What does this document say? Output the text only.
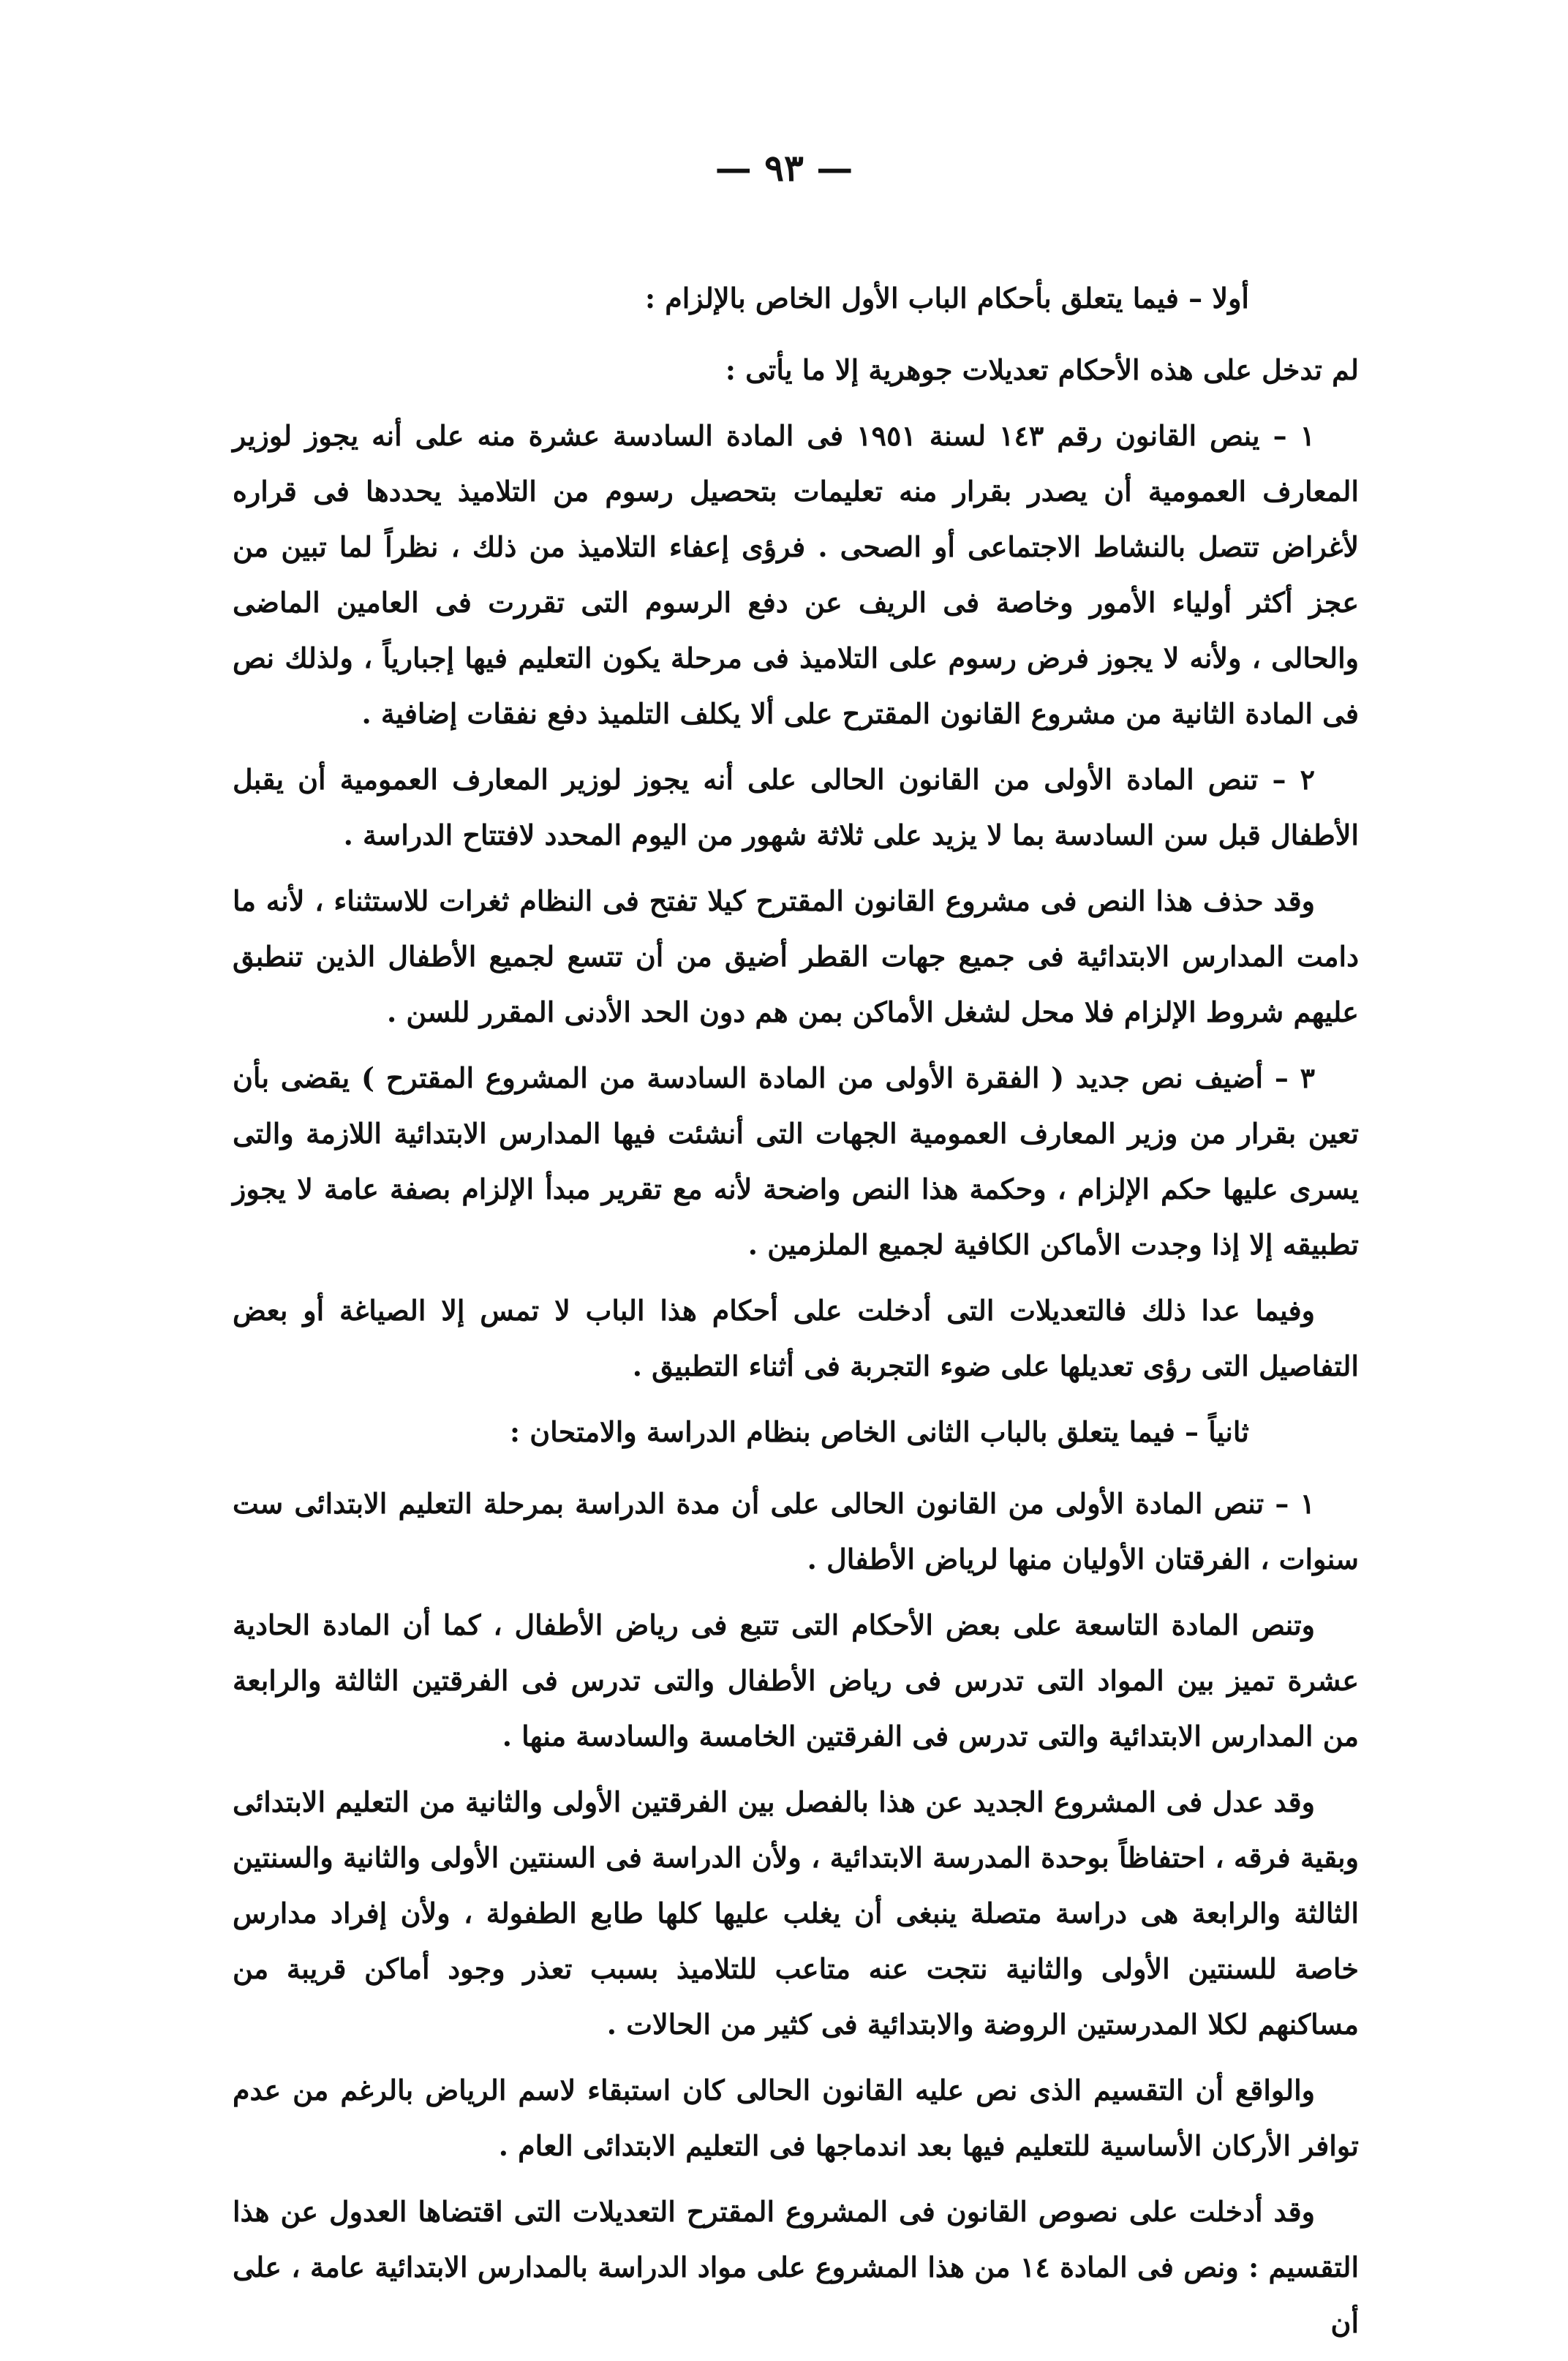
— ٩٣ —

أولا – فيما يتعلق بأحكام الباب الأول الخاص بالإلزام :

لم تدخل على هذه الأحكام تعديلات جوهرية إلا ما يأتى :

١ – ينص القانون رقم ١٤٣ لسنة ١٩٥١ فى المادة السادسة عشرة منه على أنه يجوز لوزير المعارف العمومية أن يصدر بقرار منه تعليمات بتحصيل رسوم من التلاميذ يحددها فى قراره لأغراض تتصل بالنشاط الاجتماعى أو الصحى . فرؤى إعفاء التلاميذ من ذلك ، نظراً لما تبين من عجز أكثر أولياء الأمور وخاصة فى الريف عن دفع الرسوم التى تقررت فى العامين الماضى والحالى ، ولأنه لا يجوز فرض رسوم على التلاميذ فى مرحلة يكون التعليم فيها إجبارياً ، ولذلك نص فى المادة الثانية من مشروع القانون المقترح على ألا يكلف التلميذ دفع نفقات إضافية .

٢ – تنص المادة الأولى من القانون الحالى على أنه يجوز لوزير المعارف العمومية أن يقبل الأطفال قبل سن السادسة بما لا يزيد على ثلاثة شهور من اليوم المحدد لافتتاح الدراسة .

وقد حذف هذا النص فى مشروع القانون المقترح كيلا تفتح فى النظام ثغرات للاستثناء ، لأنه ما دامت المدارس الابتدائية فى جميع جهات القطر أضيق من أن تتسع لجميع الأطفال الذين تنطبق عليهم شروط الإلزام فلا محل لشغل الأماكن بمن هم دون الحد الأدنى المقرر للسن .

٣ – أضيف نص جديد ( الفقرة الأولى من المادة السادسة من المشروع المقترح ) يقضى بأن تعين بقرار من وزير المعارف العمومية الجهات التى أنشئت فيها المدارس الابتدائية اللازمة والتى يسرى عليها حكم الإلزام ، وحكمة هذا النص واضحة لأنه مع تقرير مبدأ الإلزام بصفة عامة لا يجوز تطبيقه إلا إذا وجدت الأماكن الكافية لجميع الملزمين .

وفيما عدا ذلك فالتعديلات التى أدخلت على أحكام هذا الباب لا تمس إلا الصياغة أو بعض التفاصيل التى رؤى تعديلها على ضوء التجربة فى أثناء التطبيق .

ثانياً – فيما يتعلق بالباب الثانى الخاص بنظام الدراسة والامتحان :

١ – تنص المادة الأولى من القانون الحالى على أن مدة الدراسة بمرحلة التعليم الابتدائى ست سنوات ، الفرقتان الأوليان منها لرياض الأطفال .

وتنص المادة التاسعة على بعض الأحكام التى تتبع فى رياض الأطفال ، كما أن المادة الحادية عشرة تميز بين المواد التى تدرس فى رياض الأطفال والتى تدرس فى الفرقتين الثالثة والرابعة من المدارس الابتدائية والتى تدرس فى الفرقتين الخامسة والسادسة منها .

وقد عدل فى المشروع الجديد عن هذا بالفصل بين الفرقتين الأولى والثانية من التعليم الابتدائى وبقية فرقه ، احتفاظاً بوحدة المدرسة الابتدائية ، ولأن الدراسة فى السنتين الأولى والثانية والسنتين الثالثة والرابعة هى دراسة متصلة ينبغى أن يغلب عليها كلها طابع الطفولة ، ولأن إفراد مدارس خاصة للسنتين الأولى والثانية نتجت عنه متاعب للتلاميذ بسبب تعذر وجود أماكن قريبة من مساكنهم لكلا المدرستين الروضة والابتدائية فى كثير من الحالات .

والواقع أن التقسيم الذى نص عليه القانون الحالى كان استبقاء لاسم الرياض بالرغم من عدم توافر الأركان الأساسية للتعليم فيها بعد اندماجها فى التعليم الابتدائى العام .

وقد أدخلت على نصوص القانون فى المشروع المقترح التعديلات التى اقتضاها العدول عن هذا التقسيم : ونص فى المادة ١٤ من هذا المشروع على مواد الدراسة بالمدارس الابتدائية عامة ، على أن
